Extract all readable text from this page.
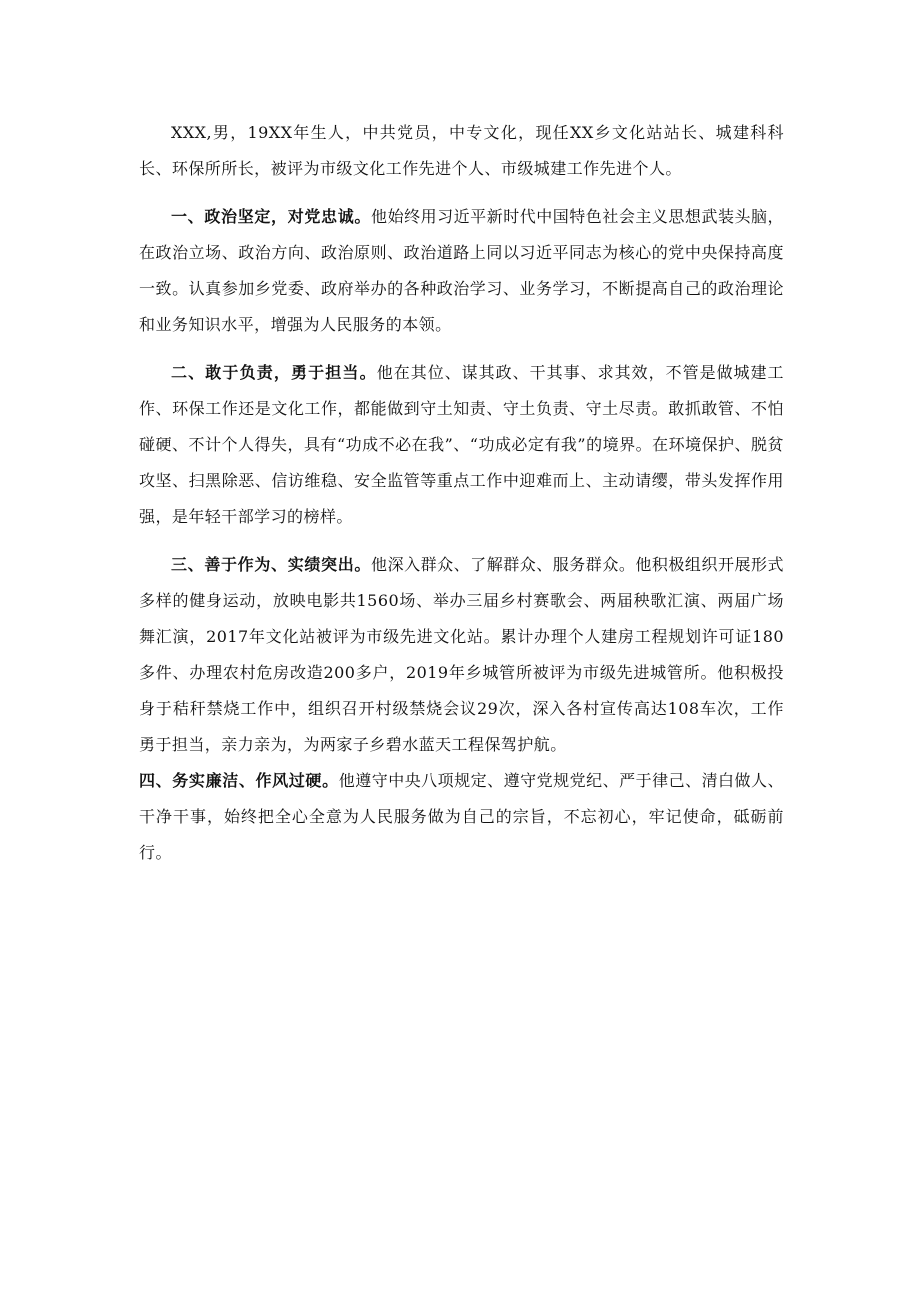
XXX,男，19XX年生人，中共党员，中专文化，现任XX乡文化站站长、城建科科长、环保所所长，被评为市级文化工作先进个人、市级城建工作先进个人。

一、政治坚定，对党忠诚。他始终用习近平新时代中国特色社会主义思想武装头脑，在政治立场、政治方向、政治原则、政治道路上同以习近平同志为核心的党中央保持高度一致。认真参加乡党委、政府举办的各种政治学习、业务学习，不断提高自己的政治理论和业务知识水平，增强为人民服务的本领。

二、敢于负责，勇于担当。他在其位、谋其政、干其事、求其效，不管是做城建工作、环保工作还是文化工作，都能做到守土知责、守土负责、守土尽责。敢抓敢管、不怕碰硬、不计个人得失，具有“功成不必在我”、“功成必定有我”的境界。在环境保护、脱贫攻坚、扫黑除恶、信访维稳、安全监管等重点工作中迎难而上、主动请缨，带头发挥作用强，是年轻干部学习的榜样。

三、善于作为、实绩突出。他深入群众、了解群众、服务群众。他积极组织开展形式多样的健身运动，放映电影共1560场、举办三届乡村赛歌会、两届秧歌汇演、两届广场舞汇演，2017年文化站被评为市级先进文化站。累计办理个人建房工程规划许可证180多件、办理农村危房改造200多户，2019年乡城管所被评为市级先进城管所。他积极投身于秸秆禁烧工作中，组织召开村级禁烧会议29次，深入各村宣传高达108车次，工作勇于担当，亲力亲为，为两家子乡碧水蓝天工程保驾护航。

四、务实廉洁、作风过硬。他遵守中央八项规定、遵守党规党纪、严于律己、清白做人、干净干事，始终把全心全意为人民服务做为自己的宗旨，不忘初心，牢记使命，砥砺前行。
